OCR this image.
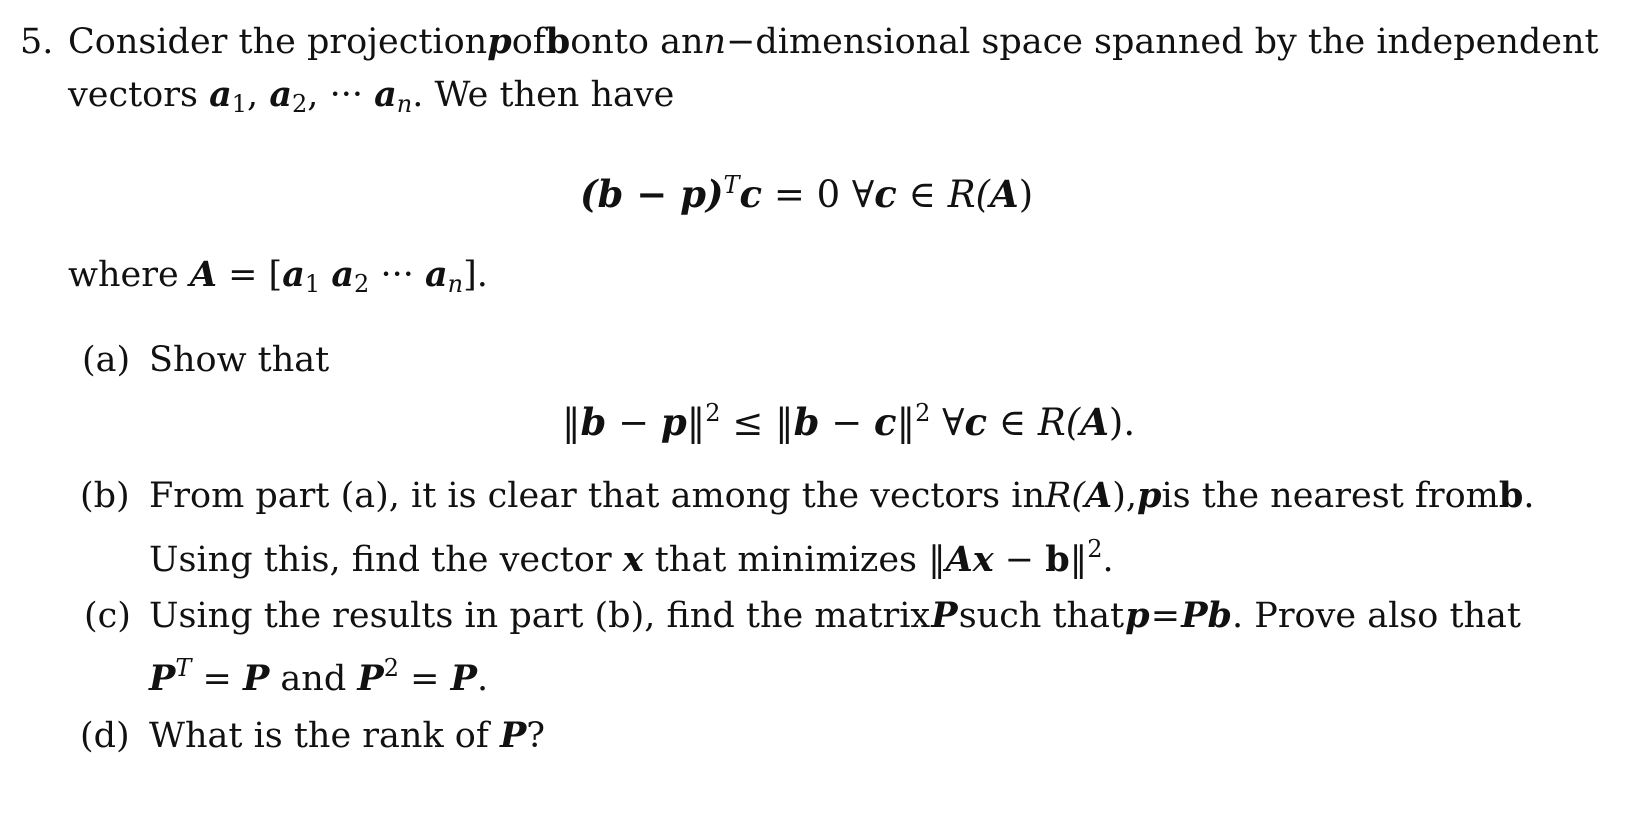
5. Consider the projection p of b onto an n−dimensional space spanned by the independent
vectors $a_1$, $a_2$, ··· $a_n$. We then have
$(b - p)^Tc = 0$ ∀c ∈ R(A)
where $A = [a_1$ $a_2$ ··· $a_n$].
(a) Show that
‖b − p‖$^2$ ≤ ‖b − c‖$^2$ ∀c ∈ R(A).
(b) From part (a), it is clear that among the vectors in R(A), p is the nearest from b.
Using this, find the vector x that minimizes ‖Ax − b‖$^2$.
(c) Using the results in part (b), find the matrix P such that p = Pb. Prove also that
$P^T = P$ and $P^2 = P$.
(d) What is the rank of P?
